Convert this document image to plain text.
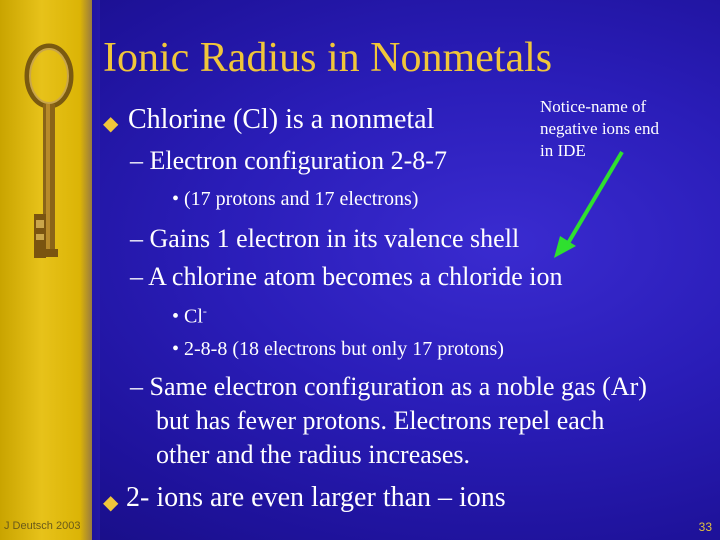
Ionic Radius in Nonmetals
◆ Chlorine (Cl) is a nonmetal
– Electron configuration 2-8-7
• (17 protons and 17 electrons)
– Gains 1 electron in its valence shell
– A chlorine atom becomes a chloride ion
• Cl-
• 2-8-8 (18 electrons but only 17 protons)
– Same electron configuration as a noble gas (Ar)
but has fewer protons. Electrons repel each
other and the radius increases.
◆ 2- ions are even larger than – ions
Notice-name of
negative ions end
in IDE
J Deutsch 2003	33
